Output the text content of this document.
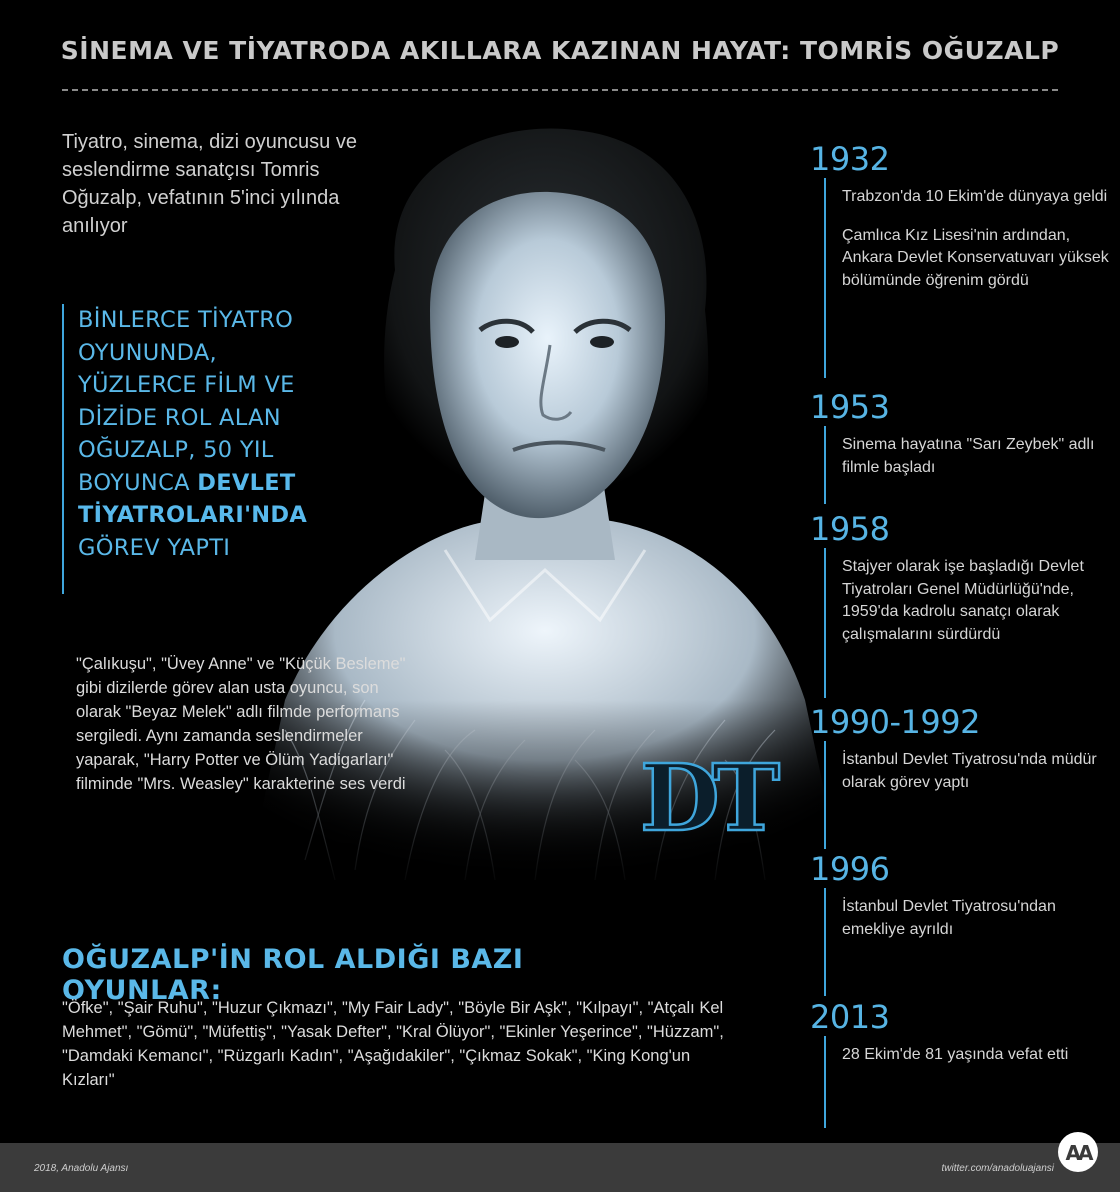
SİNEMA VE TİYATRODA AKILLARA KAZINAN HAYAT: TOMRİS OĞUZALP

Tiyatro, sinema, dizi oyuncusu ve seslendirme sanatçısı Tomris Oğuzalp, vefatının 5'inci yılında anılıyor

BİNLERCE TİYATRO OYUNUNDA, YÜZLERCE FİLM VE DİZİDE ROL ALAN OĞUZALP, 50 YIL BOYUNCA DEVLET TİYATROLARI'NDA GÖREV YAPTI

"Çalıkuşu", "Üvey Anne" ve "Küçük Besleme" gibi dizilerde görev alan usta oyuncu, son olarak "Beyaz Melek" adlı filmde performans sergiledi. Aynı zamanda seslendirmeler yaparak, "Harry Potter ve Ölüm Yadigarları" filminde "Mrs. Weasley" karakterine ses verdi	DT
OĞUZALP'İN ROL ALDIĞI BAZI OYUNLAR:

"Öfke", "Şair Ruhu", "Huzur Çıkmazı", "My Fair Lady", "Böyle Bir Aşk", "Kılpayı", "Atçalı Kel Mehmet", "Gömü", "Müfettiş", "Yasak Defter", "Kral Ölüyor", "Ekinler Yeşerince", "Hüzzam", "Damdaki Kemancı", "Rüzgarlı Kadın", "Aşağıdakiler", "Çıkmaz Sokak", "King Kong'un Kızları"

1932

Trabzon'da 10 Ekim'de dünyaya geldi

Çamlıca Kız Lisesi'nin ardından, Ankara Devlet Konservatuvarı yüksek bölümünde öğrenim gördü

1953

Sinema hayatına "Sarı Zeybek" adlı filmle başladı

1958

Stajyer olarak işe başladığı Devlet Tiyatroları Genel Müdürlüğü'nde, 1959'da kadrolu sanatçı olarak çalışmalarını sürdürdü

1990-1992

İstanbul Devlet Tiyatrosu'nda müdür olarak görev yaptı

1996

İstanbul Devlet Tiyatrosu'ndan emekliye ayrıldı

2013

28 Ekim'de 81 yaşında vefat etti

2018, Anadolu Ajansı	twitter.com/anadoluajansi
AA
